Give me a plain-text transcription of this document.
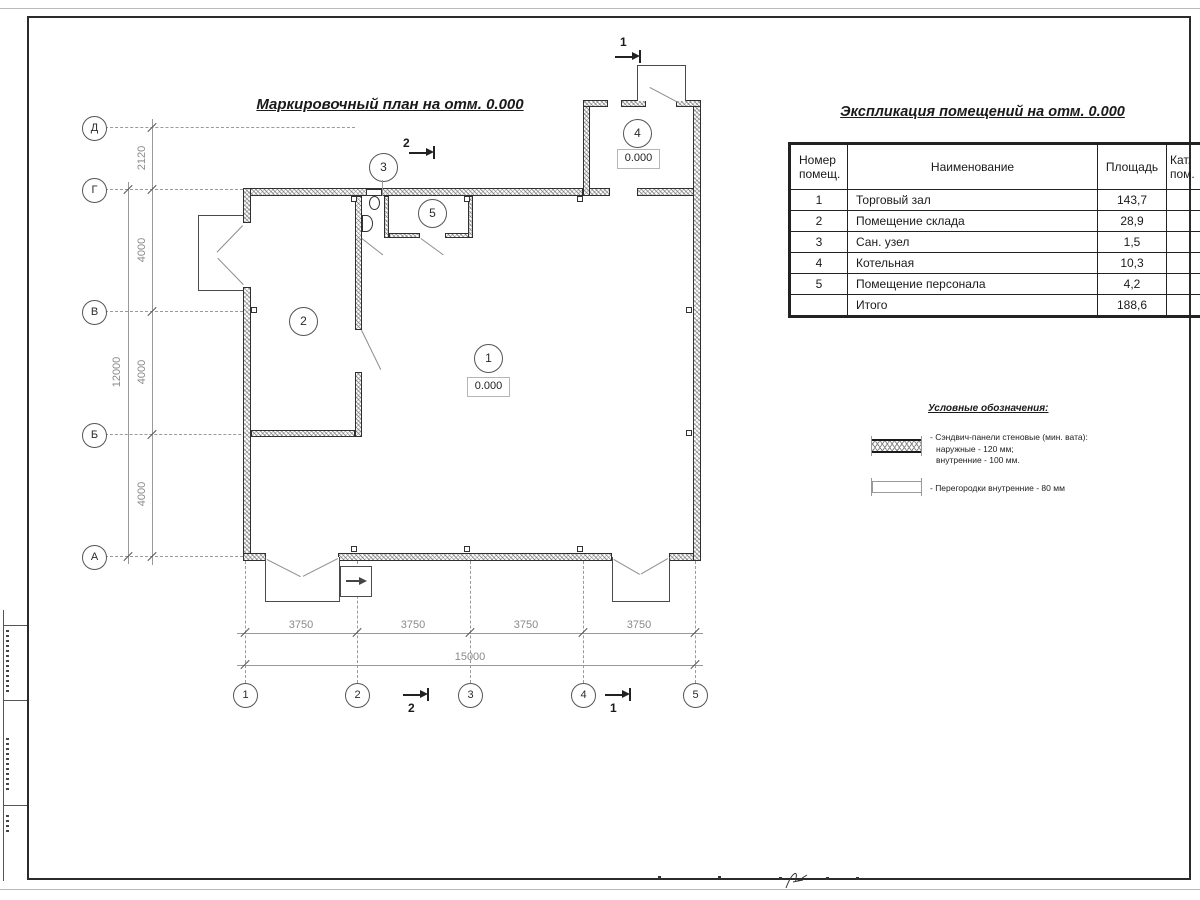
Маркировочный план на отм. 0.000	Экспликация помещений на отм. 0.000
Д
Г
В
Б
А
2120
4000
4000
4000
12000
1	2	3	4	5
3750	3750	3750	3750
15000
1
0.000
2
3
4
0.000
5
2
1
2	1
Номер
помещ.	Наименование	Площадь	Кат.
пом.

1	Торговый зал	143,7	
2	Помещение склада	28,9	
3	Сан. узел	1,5	
4	Котельная	10,3	
5	Помещение персонала	4,2	
	Итого	188,6	
Условные обозначения:
- Сэндвич-панели стеновые (мин. вата):
наружные - 120 мм;
внутренние - 100 мм.
- Перегородки внутренние - 80 мм
